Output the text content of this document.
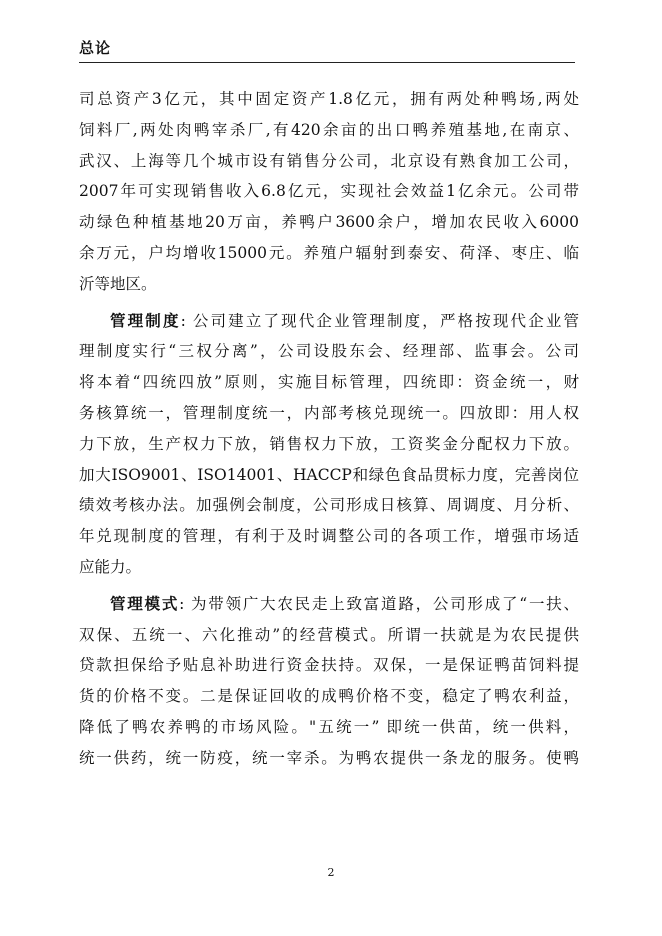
总论
司总资产3亿元，其中固定资产1.8亿元，拥有两处种鸭场,两处
饲料厂,两处肉鸭宰杀厂,有420余亩的出口鸭养殖基地,在南京、
武汉、上海等几个城市设有销售分公司，北京设有熟食加工公司，
2007年可实现销售收入6.8亿元，实现社会效益1亿余元。公司带
动绿色种植基地20万亩，养鸭户3600余户，增加农民收入6000
余万元，户均增收15000元。养殖户辐射到泰安、荷泽、枣庄、临
沂等地区。
管理制度: 公司建立了现代企业管理制度，严格按现代企业管
理制度实行“三权分离”，公司设股东会、经理部、监事会。公司
将本着“四统四放”原则，实施目标管理，四统即：资金统一，财
务核算统一，管理制度统一，内部考核兑现统一。四放即：用人权
力下放，生产权力下放，销售权力下放，工资奖金分配权力下放。
加大ISO9001、ISO14001、HACCP和绿色食品贯标力度，完善岗位
绩效考核办法。加强例会制度，公司形成日核算、周调度、月分析、
年兑现制度的管理，有利于及时调整公司的各项工作，增强市场适
应能力。
管理模式: 为带领广大农民走上致富道路，公司形成了“一扶、
双保、五统一、六化推动”的经营模式。所谓一扶就是为农民提供
贷款担保给予贴息补助进行资金扶持。双保，一是保证鸭苗饲料提
货的价格不变。二是保证回收的成鸭价格不变，稳定了鸭农利益，
降低了鸭农养鸭的市场风险。"五统一” 即统一供苗，统一供料，
统一供药，统一防疫，统一宰杀。为鸭农提供一条龙的服务。使鸭
2
